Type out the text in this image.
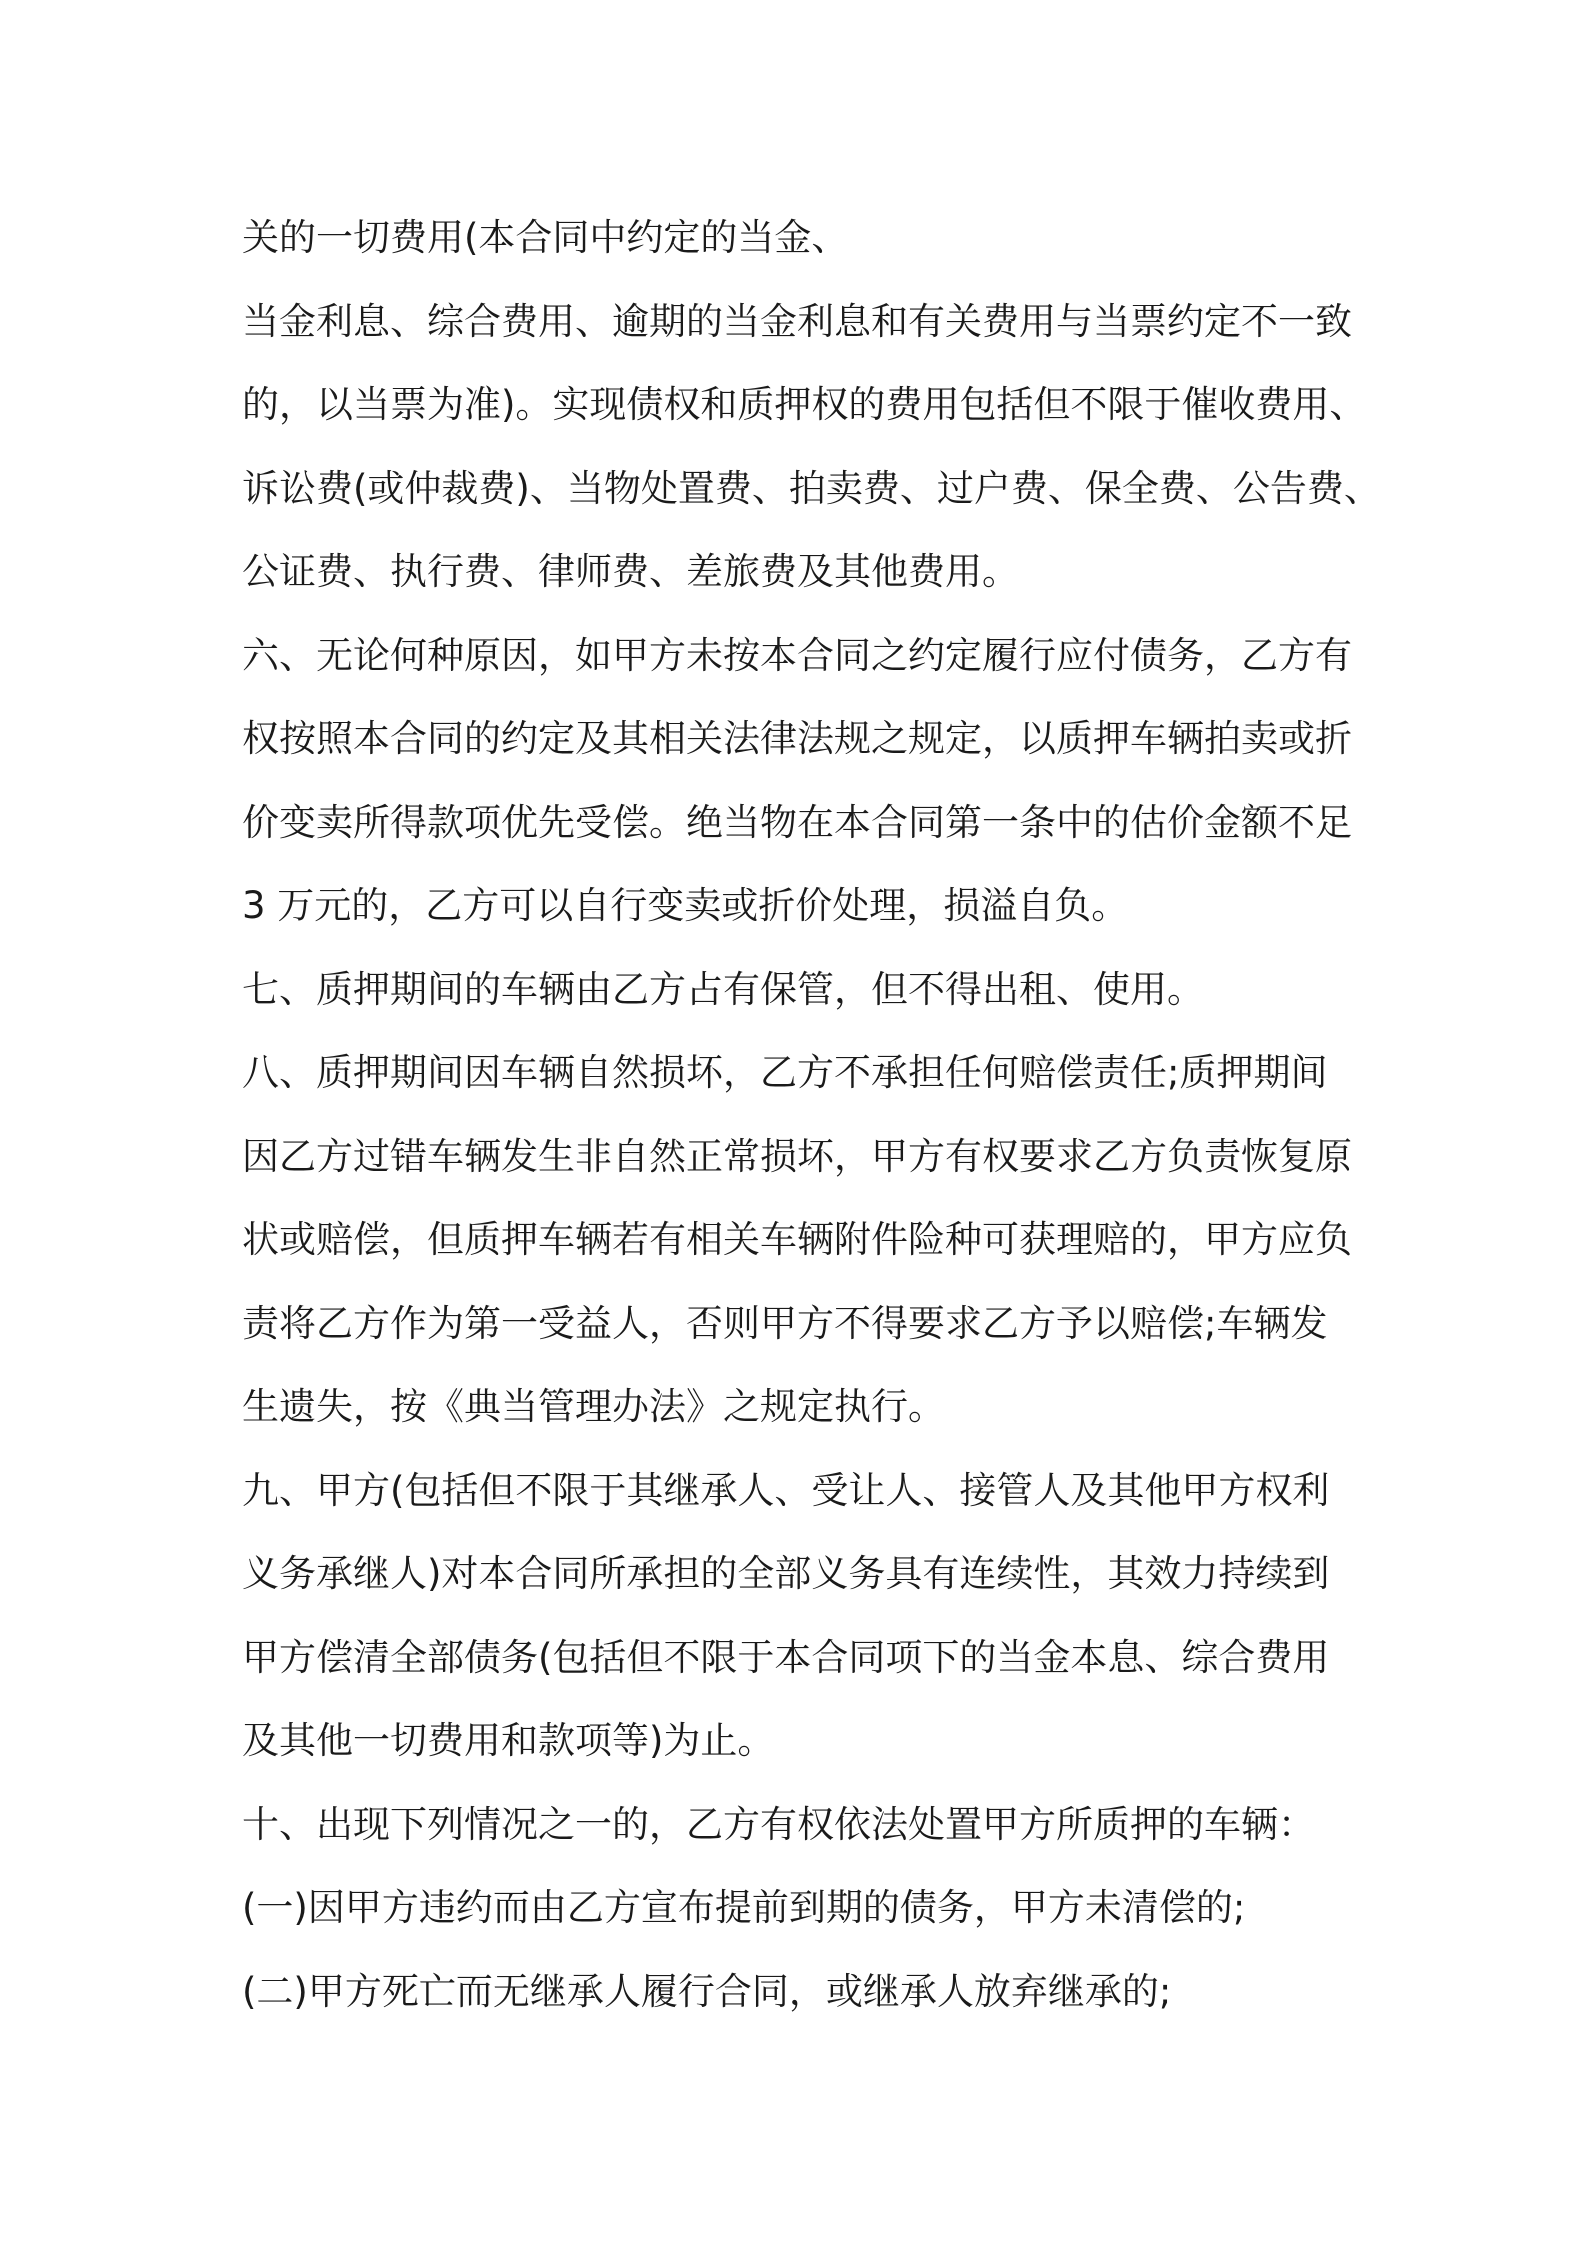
关的一切费用(本合同中约定的当金、
当金利息、综合费用、逾期的当金利息和有关费用与当票约定不一致
的，以当票为准)。实现债权和质押权的费用包括但不限于催收费用、
诉讼费(或仲裁费)、当物处置费、拍卖费、过户费、保全费、公告费、
公证费、执行费、律师费、差旅费及其他费用。
六、无论何种原因，如甲方未按本合同之约定履行应付债务，乙方有
权按照本合同的约定及其相关法律法规之规定，以质押车辆拍卖或折
价变卖所得款项优先受偿。绝当物在本合同第一条中的估价金额不足
3 万元的，乙方可以自行变卖或折价处理，损溢自负。
七、质押期间的车辆由乙方占有保管，但不得出租、使用。
八、质押期间因车辆自然损坏，乙方不承担任何赔偿责任;质押期间
因乙方过错车辆发生非自然正常损坏，甲方有权要求乙方负责恢复原
状或赔偿，但质押车辆若有相关车辆附件险种可获理赔的，甲方应负
责将乙方作为第一受益人，否则甲方不得要求乙方予以赔偿;车辆发
生遗失，按《典当管理办法》之规定执行。
九、甲方(包括但不限于其继承人、受让人、接管人及其他甲方权利
义务承继人)对本合同所承担的全部义务具有连续性，其效力持续到
甲方偿清全部债务(包括但不限于本合同项下的当金本息、综合费用
及其他一切费用和款项等)为止。
十、出现下列情况之一的，乙方有权依法处置甲方所质押的车辆：
(一)因甲方违约而由乙方宣布提前到期的债务，甲方未清偿的;
(二)甲方死亡而无继承人履行合同，或继承人放弃继承的;
